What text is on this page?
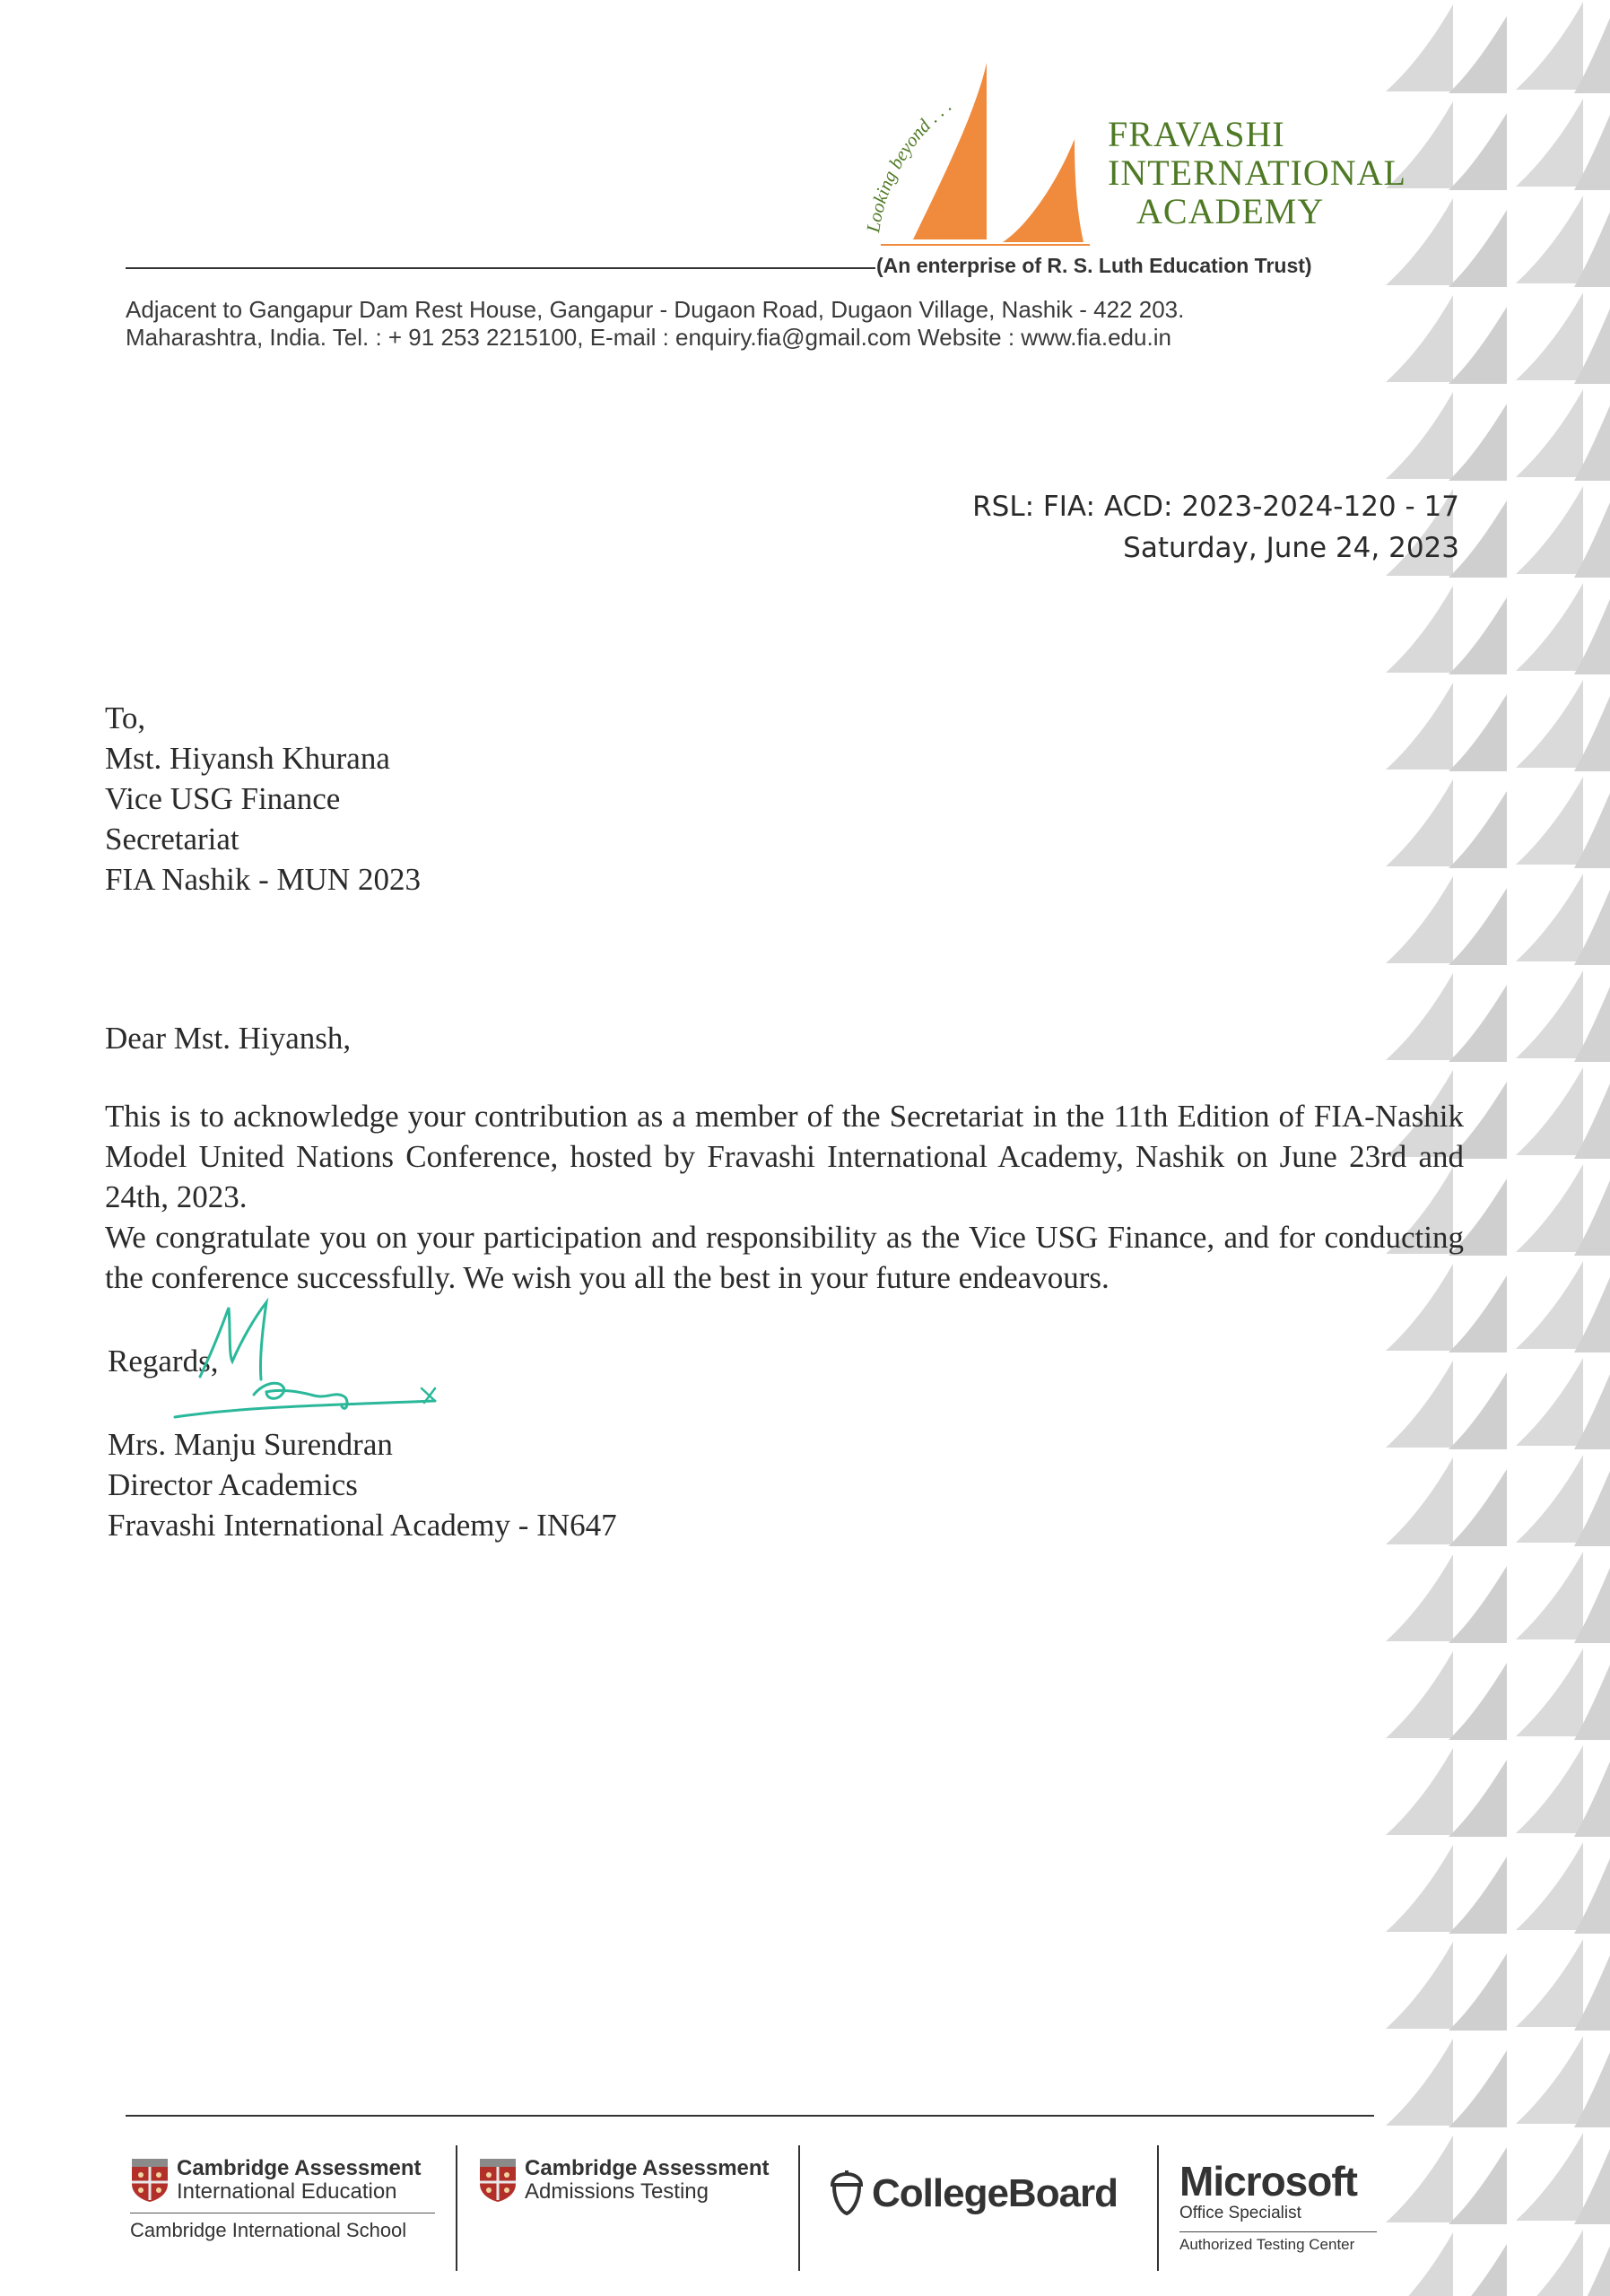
Looking beyond . . .
FRAVASHI
INTERNATIONAL
ACADEMY
(An enterprise of R. S. Luth Education Trust)
Adjacent to Gangapur Dam Rest House, Gangapur - Dugaon Road, Dugaon Village, Nashik - 422 203.
Maharashtra, India. Tel. : + 91 253 2215100, E-mail : enquiry.fia@gmail.com Website : www.fia.edu.in
RSL: FIA: ACD: 2023-2024-120 - 17
Saturday, June 24, 2023
To,
Mst. Hiyansh Khurana
Vice USG Finance
Secretariat
FIA Nashik - MUN 2023
Dear Mst. Hiyansh,

This is to acknowledge your contribution as a member of the Secretariat in the 11th Edition of FIA-Nashik Model United Nations Conference, hosted by Fravashi International Academy, Nashik on June 23rd and 24th, 2023.

We congratulate you on your participation and responsibility as the Vice USG Finance, and for conducting the conference successfully. We wish you all the best in your future endeavours.

Regards,
Mrs. Manju Surendran
Director Academics
Fravashi International Academy - IN647
Cambridge Assessment
International Education
Cambridge International School
Cambridge Assessment
Admissions Testing	CollegeBoard Microsoft
Office Specialist
Authorized Testing Center
